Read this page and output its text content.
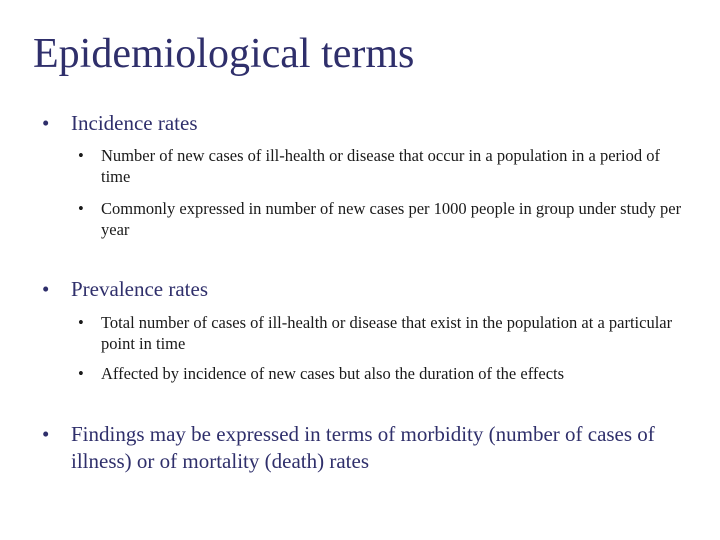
Epidemiological terms
•	Incidence rates
•	Number of new cases of ill-health or disease that occur in a population in a period of time
•	Commonly expressed in number of new cases per 1000 people in group under study per year
•	Prevalence rates
•	Total number of cases of ill-health or disease that exist in the population at a particular point in time
•	Affected by incidence of new cases but also the duration of the effects
•	Findings may be expressed in terms of morbidity (number of cases of illness) or of mortality (death) rates
